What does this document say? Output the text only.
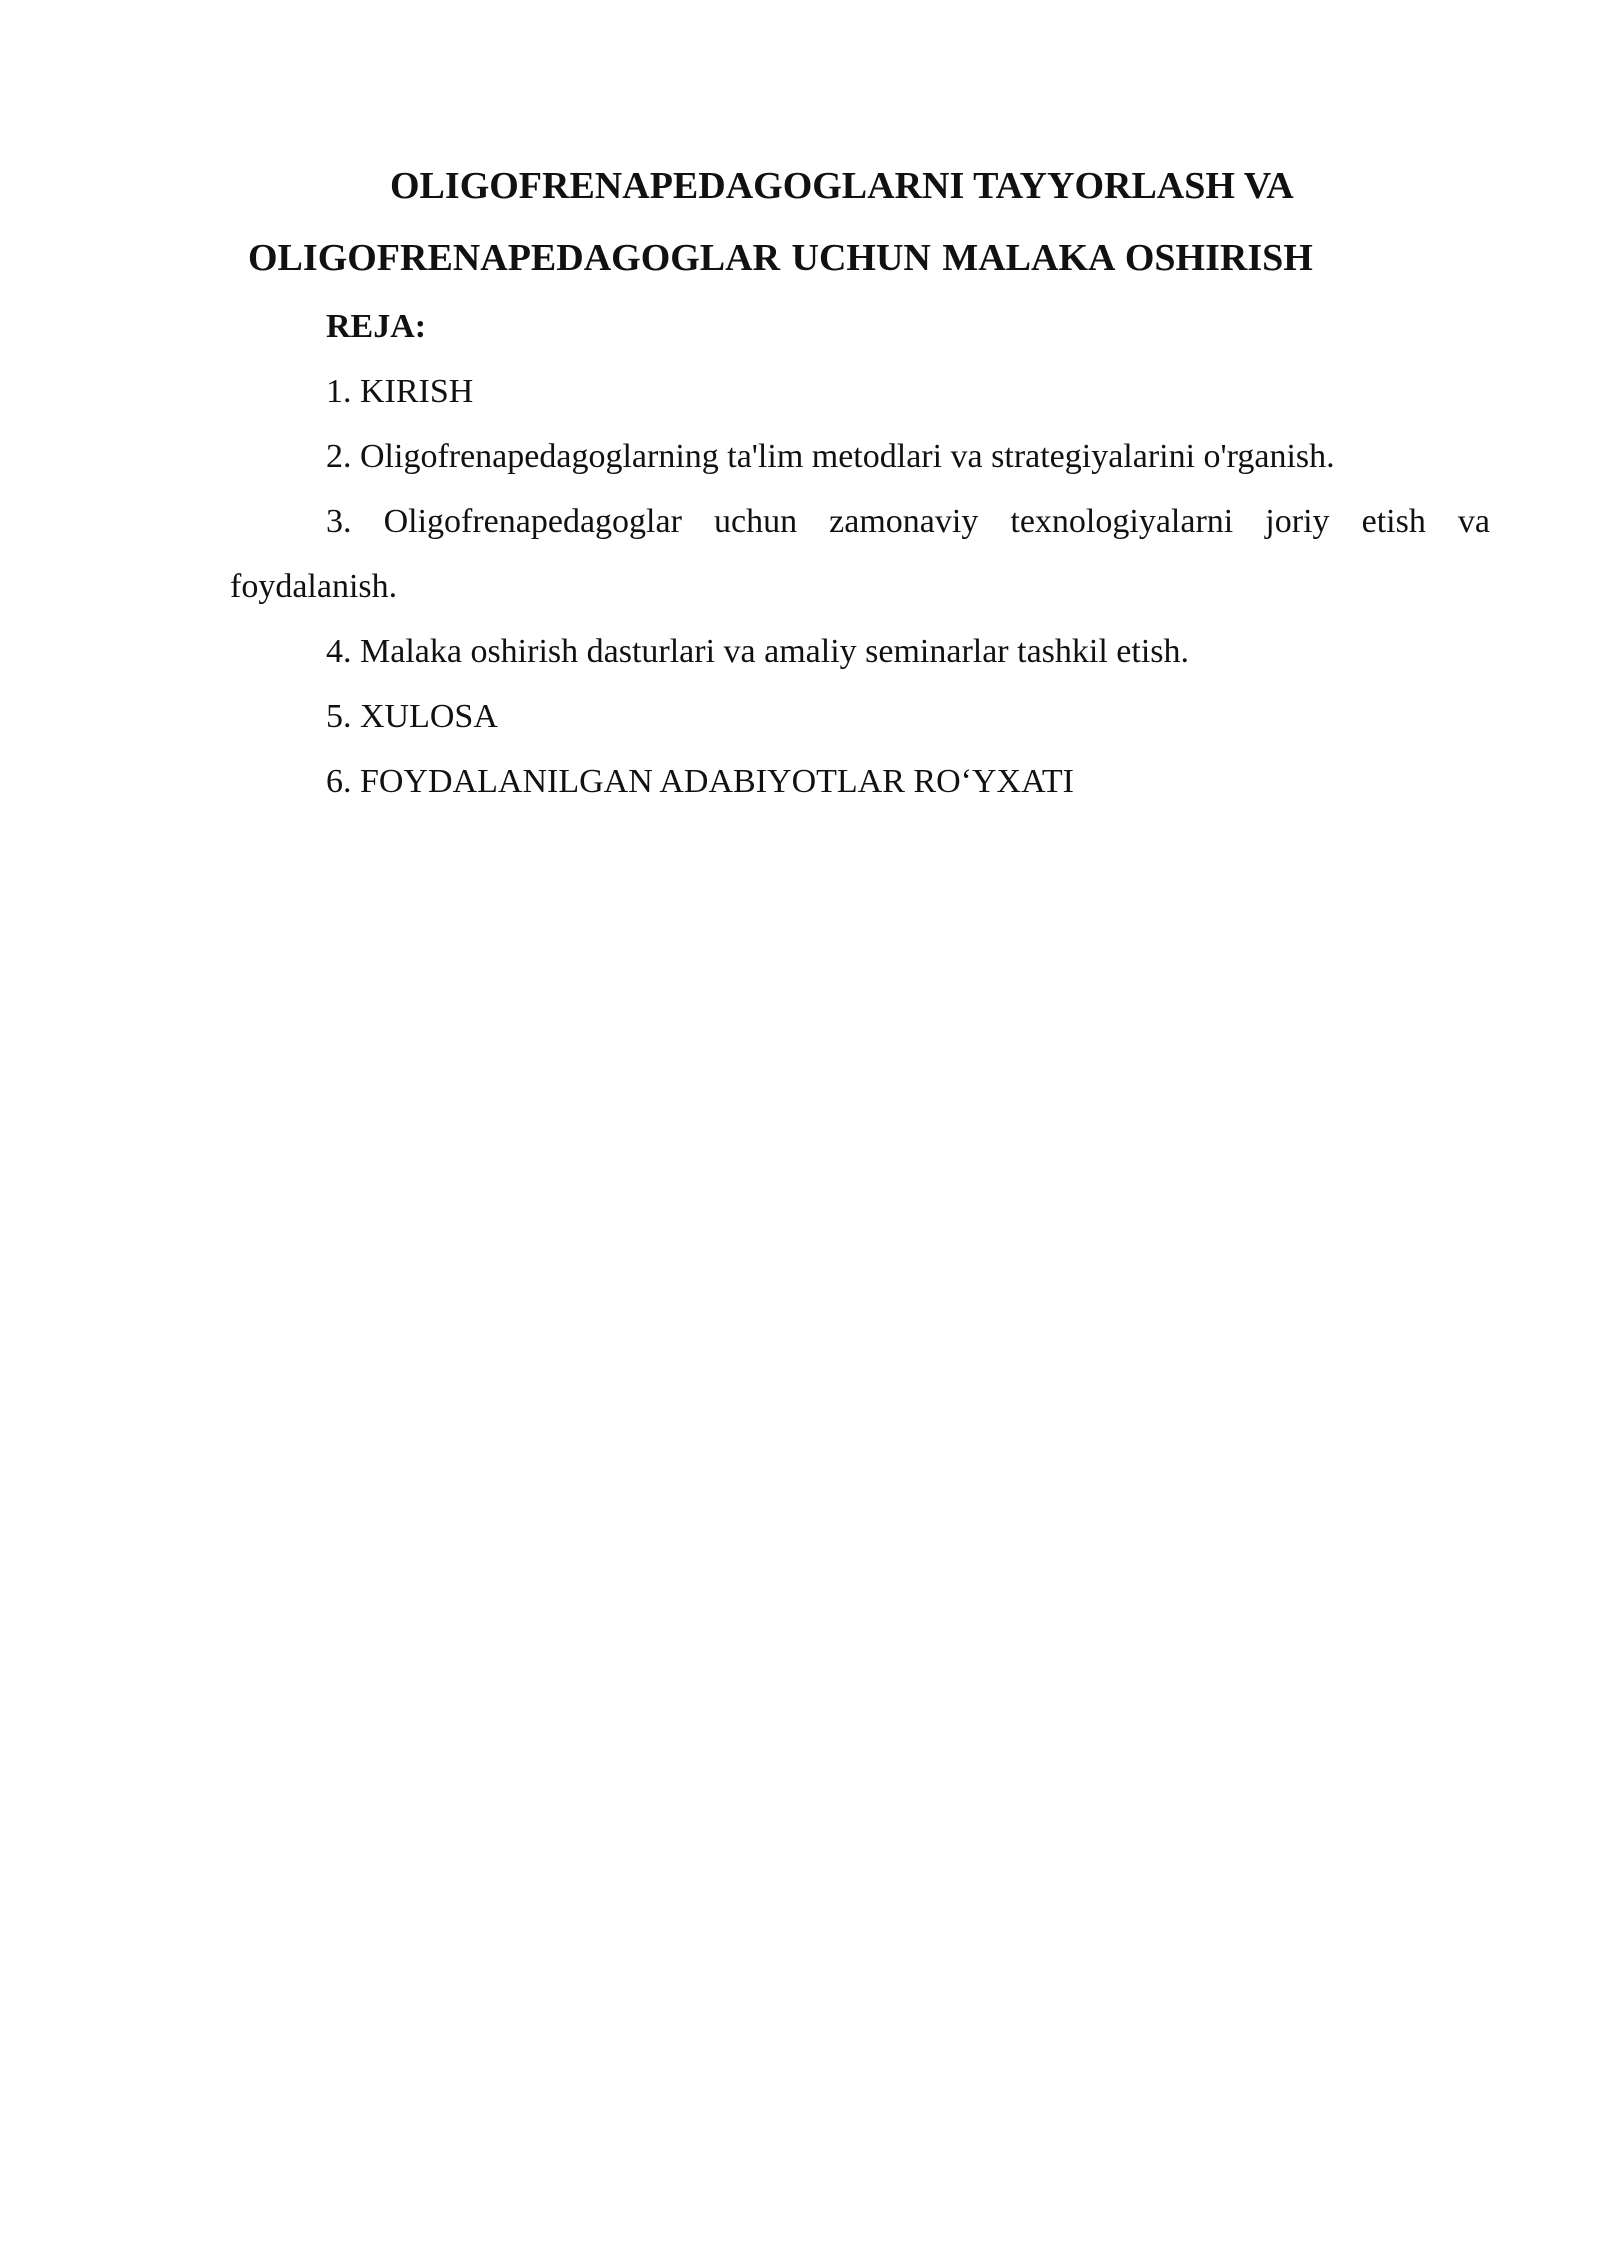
OLIGOFRENAPEDAGOGLARNI TAYYORLASH VA

OLIGOFRENAPEDAGOGLAR UCHUN MALAKA OSHIRISH

REJA:

1. KIRISH

2. Oligofrenapedagoglarning ta'lim metodlari va strategiyalarini o'rganish.

3. Oligofrenapedagoglar uchun zamonaviy texnologiyalarni joriy etish va
foydalanish.

4. Malaka oshirish dasturlari va amaliy seminarlar tashkil etish.

5. XULOSA

6. FOYDALANILGAN ADABIYOTLAR RO‘YXATI
